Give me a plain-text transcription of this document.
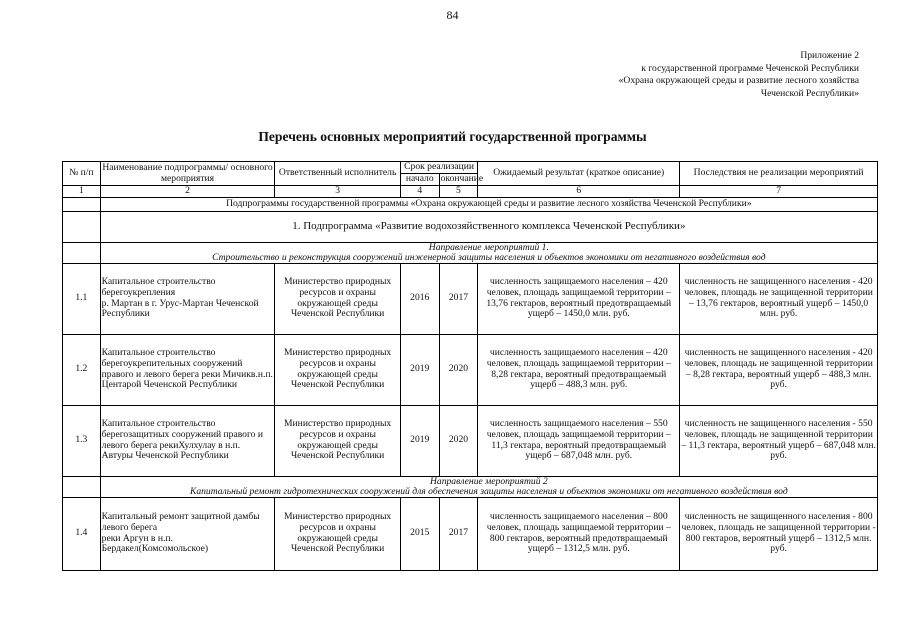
84
Приложение 2
к государственной программе Чеченской Республики
«Охрана окружающей среды и развитие лесного хозяйства
Чеченской Республики»
Перечень основных мероприятий государственной программы
№ п/п	Наименование подпрограммы/ основного мероприятия	Ответственный исполнитель	Срок реализации		Ожидаемый результат (краткое описание)	Последствия не реализации мероприятий
			начало	окончание		
1	2	3	4	5	6	7
	Подпрограммы государственной программы «Охрана окружающей среды и развитие лесного хозяйства Чеченской Республики»					
	1. Подпрограмма «Развитие водохозяйственного комплекса Чеченской Республики»					

	Направление мероприятий 1.
Строительство и реконструкция сооружений инженерной защиты населения и объектов экономики от негативного воздействия вод					

1.1	Капитальное строительство берегоукрепления
р. Мартан в г. Урус-Мартан Чеченской Республики	Министерство природных ресурсов и охраны окружающей среды Чеченской Республики	2016	2017	численность защищаемого населения – 420 человек, площадь защищаемой территории – 13,76 гектаров, вероятный предотвращаемый ущерб – 1450,0 млн. руб.	численность не защищенного населения - 420 человек, площадь не защищенной территории – 13,76 гектаров, вероятный ущерб – 1450,0 млн. руб.
1.2	Капитальное строительство берегоукрепительных сооружений правого и левого берега реки Мичикв.н.п. Центарой Чеченской Республики	Министерство природных ресурсов и охраны окружающей среды Чеченской Республики	2019	2020	численность защищаемого населения – 420 человек, площадь защищаемой территории – 8,28 гектара, вероятный предотвращаемый ущерб – 488,3 млн. руб.	численность не защищенного населения - 420 человек, площадь не защищенной территории – 8,28 гектара, вероятный ущерб – 488,3 млн. руб.
1.3	Капитальное строительство берегозащитных сооружений правого и левого берега рекиХулхулау в н.п. Автуры Чеченской Республики	Министерство природных ресурсов и охраны окружающей среды Чеченской Республики	2019	2020	численность защищаемого населения – 550 человек, площадь защищаемой территории – 11,3 гектара, вероятный предотвращаемый ущерб – 687,048 млн. руб.	численность не защищенного населения - 550 человек, площадь не защищенной территории – 11,3 гектара, вероятный ущерб – 687,048 млн. руб.

	Направление мероприятий 2
Капитальный ремонт гидротехнических сооружений для обеспечения защиты населения и объектов экономики от негативного воздействия вод					

1.4	Капитальный ремонт защитной дамбы левого берега
реки Аргун в н.п. Бердакел(Комсомольское)	Министерство природных ресурсов и охраны окружающей среды Чеченской Республики	2015	2017	численность защищаемого населения – 800 человек, площадь защищаемой территории – 800 гектаров, вероятный предотвращаемый ущерб – 1312,5 млн. руб.	численность не защищенного населения - 800 человек, площадь не защищенной территории - 800 гектаров, вероятный ущерб – 1312,5 млн. руб.
